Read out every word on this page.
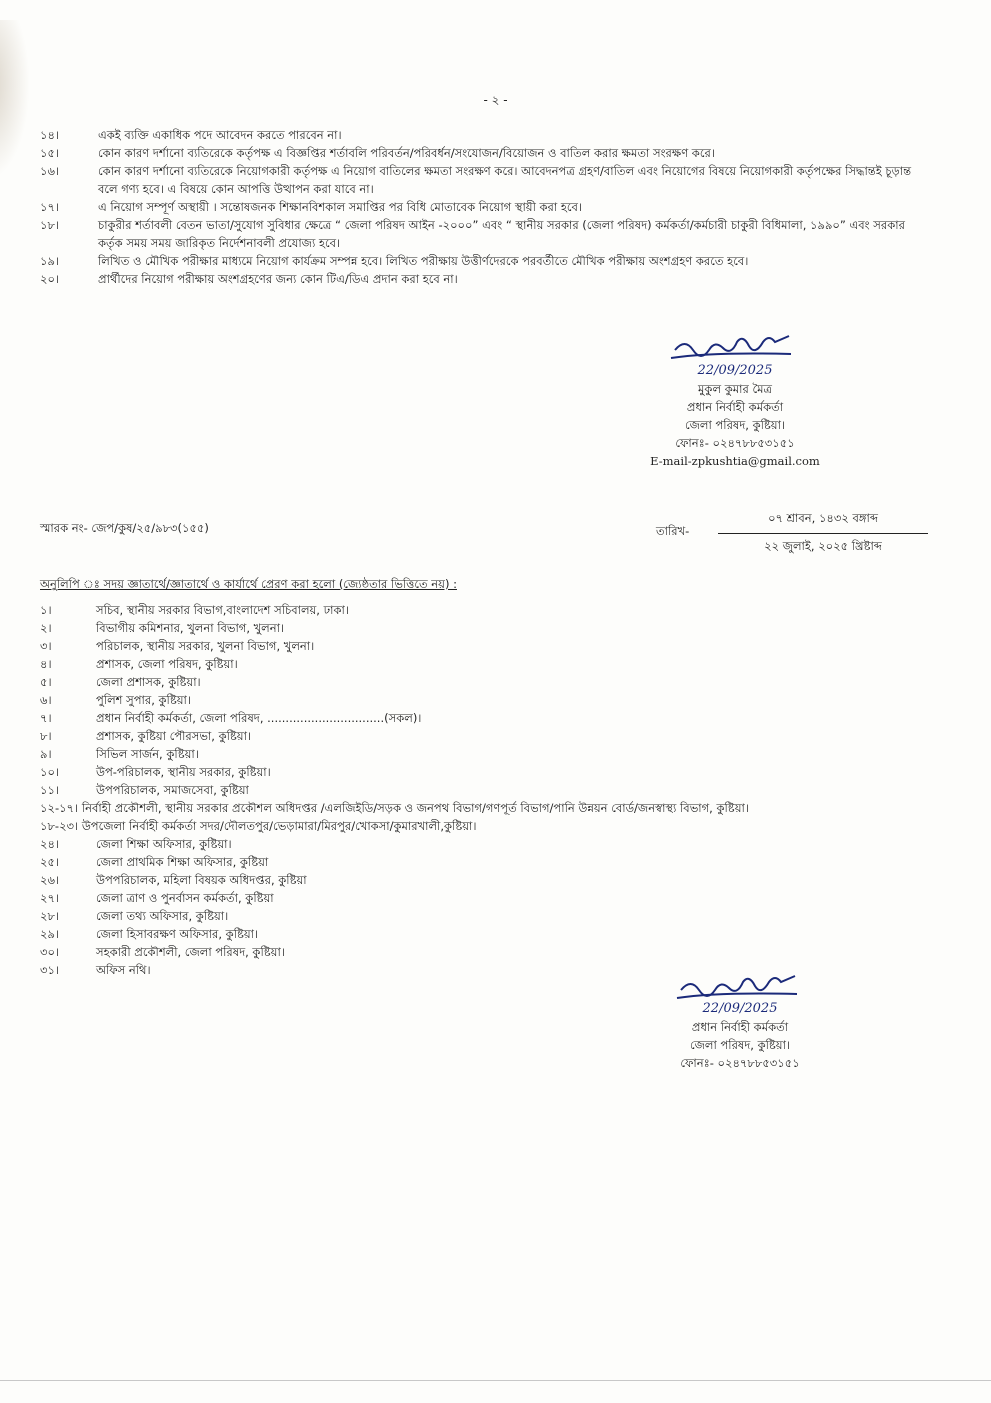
- ২ -
১৪।	একই ব্যক্তি একাধিক পদে আবেদন করতে পারবেন না।
১৫।	কোন কারণ দর্শানো ব্যতিরেকে কর্তৃপক্ষ এ বিজ্ঞপ্তির শর্তাবলি পরিবর্তন/পরিবর্ধন/সংযোজন/বিয়োজন ও বাতিল করার ক্ষমতা সংরক্ষণ করে।
১৬।	কোন কারণ দর্শানো ব্যতিরেকে নিয়োগকারী কর্তৃপক্ষ এ নিয়োগ বাতিলের ক্ষমতা সংরক্ষণ করে। আবেদনপত্র গ্রহণ/বাতিল এবং নিয়োগের বিষয়ে নিয়োগকারী কর্তৃপক্ষের সিদ্ধান্তই চূড়ান্ত বলে গণ্য হবে। এ বিষয়ে কোন আপত্তি উত্থাপন করা যাবে না।
১৭।	এ নিয়োগ সম্পূর্ণ অস্থায়ী । সন্তোষজনক শিক্ষানবিশকাল সমাপ্তির পর বিধি মোতাবেক নিয়োগ স্থায়ী করা হবে।
১৮।	চাকুরীর শর্তাবলী বেতন ভাতা/সুযোগ সুবিধার ক্ষেত্রে “ জেলা পরিষদ আইন -২০০০” এবং “ স্থানীয় সরকার (জেলা পরিষদ) কর্মকর্তা/কর্মচারী চাকুরী বিধিমালা, ১৯৯০” এবং সরকার কর্তৃক সময় সময় জারিকৃত নির্দেশনাবলী প্রযোজ্য হবে।
১৯।	লিখিত ও মৌখিক পরীক্ষার মাধ্যমে নিয়োগ কার্যক্রম সম্পন্ন হবে। লিখিত পরীক্ষায় উত্তীর্ণদেরকে পরবর্তীতে মৌখিক পরীক্ষায় অংশগ্রহণ করতে হবে।
২০।	প্রার্থীদের নিয়োগ পরীক্ষায় অংশগ্রহণের জন্য কোন টিএ/ডিএ প্রদান করা হবে না।
22/09/2025
মুকুল কুমার মৈত্র
প্রধান নির্বাহী কর্মকর্তা
জেলা পরিষদ, কুষ্টিয়া।
ফোনঃ- ০২৪৭৮৮৫৩১৫১
E-mail-zpkushtia@gmail.com
স্মারক নং- জেপ/কুষ/২৫/৯৮৩(১৫৫)	তারিখ-
০৭ শ্রাবন, ১৪৩২ বঙ্গাব্দ
২২ জুলাই, ২০২৫ খ্রিষ্টাব্দ
অনুলিপি ঃ সদয় জ্ঞাতার্থে/জ্ঞাতার্থে ও কার্যার্থে প্রেরণ করা হলো (জ্যেষ্ঠতার ভিত্তিতে নয়) :
১।	সচিব, স্থানীয় সরকার বিভাগ,বাংলাদেশ সচিবালয়, ঢাকা।
২।	বিভাগীয় কমিশনার, খুলনা বিভাগ, খুলনা।
৩।	পরিচালক, স্থানীয় সরকার, খুলনা বিভাগ, খুলনা।
৪।	প্রশাসক, জেলা পরিষদ, কুষ্টিয়া।
৫।	জেলা প্রশাসক, কুষ্টিয়া।
৬।	পুলিশ সুপার, কুষ্টিয়া।
৭।	প্রধান নির্বাহী কর্মকর্তা, জেলা পরিষদ, ................................(সকল)।
৮।	প্রশাসক, কুষ্টিয়া পৌরসভা, কুষ্টিয়া।
৯।	সিভিল সার্জন, কুষ্টিয়া।
১০।	উপ-পরিচালক, স্থানীয় সরকার, কুষ্টিয়া।
১১।	উপপরিচালক, সমাজসেবা, কুষ্টিয়া
১২-১৭। নির্বাহী প্রকৌশলী, স্থানীয় সরকার প্রকৌশল অধিদপ্তর /এলজিইডি/সড়ক ও জনপথ বিভাগ/গণপূর্ত বিভাগ/পানি উন্নয়ন বোর্ড/জনস্বাস্থ্য বিভাগ, কুষ্টিয়া।
১৮-২৩। উপজেলা নির্বাহী কর্মকর্তা সদর/দৌলতপুর/ভেড়ামারা/মিরপুর/খোকসা/কুমারখালী,কুষ্টিয়া।
২৪।	জেলা শিক্ষা অফিসার, কুষ্টিয়া।
২৫।	জেলা প্রাথমিক শিক্ষা অফিসার, কুষ্টিয়া
২৬।	উপপরিচালক, মহিলা বিষয়ক অধিদপ্তর, কুষ্টিয়া
২৭।	জেলা ত্রাণ ও পুনর্বাসন কর্মকর্তা, কুষ্টিয়া
২৮।	জেলা তথ্য অফিসার, কুষ্টিয়া।
২৯।	জেলা হিসাবরক্ষণ অফিসার, কুষ্টিয়া।
৩০।	সহকারী প্রকৌশলী, জেলা পরিষদ, কুষ্টিয়া।
৩১।	অফিস নথি।
22/09/2025
প্রধান নির্বাহী কর্মকর্তা
জেলা পরিষদ, কুষ্টিয়া।
ফোনঃ- ০২৪৭৮৮৫৩১৫১
